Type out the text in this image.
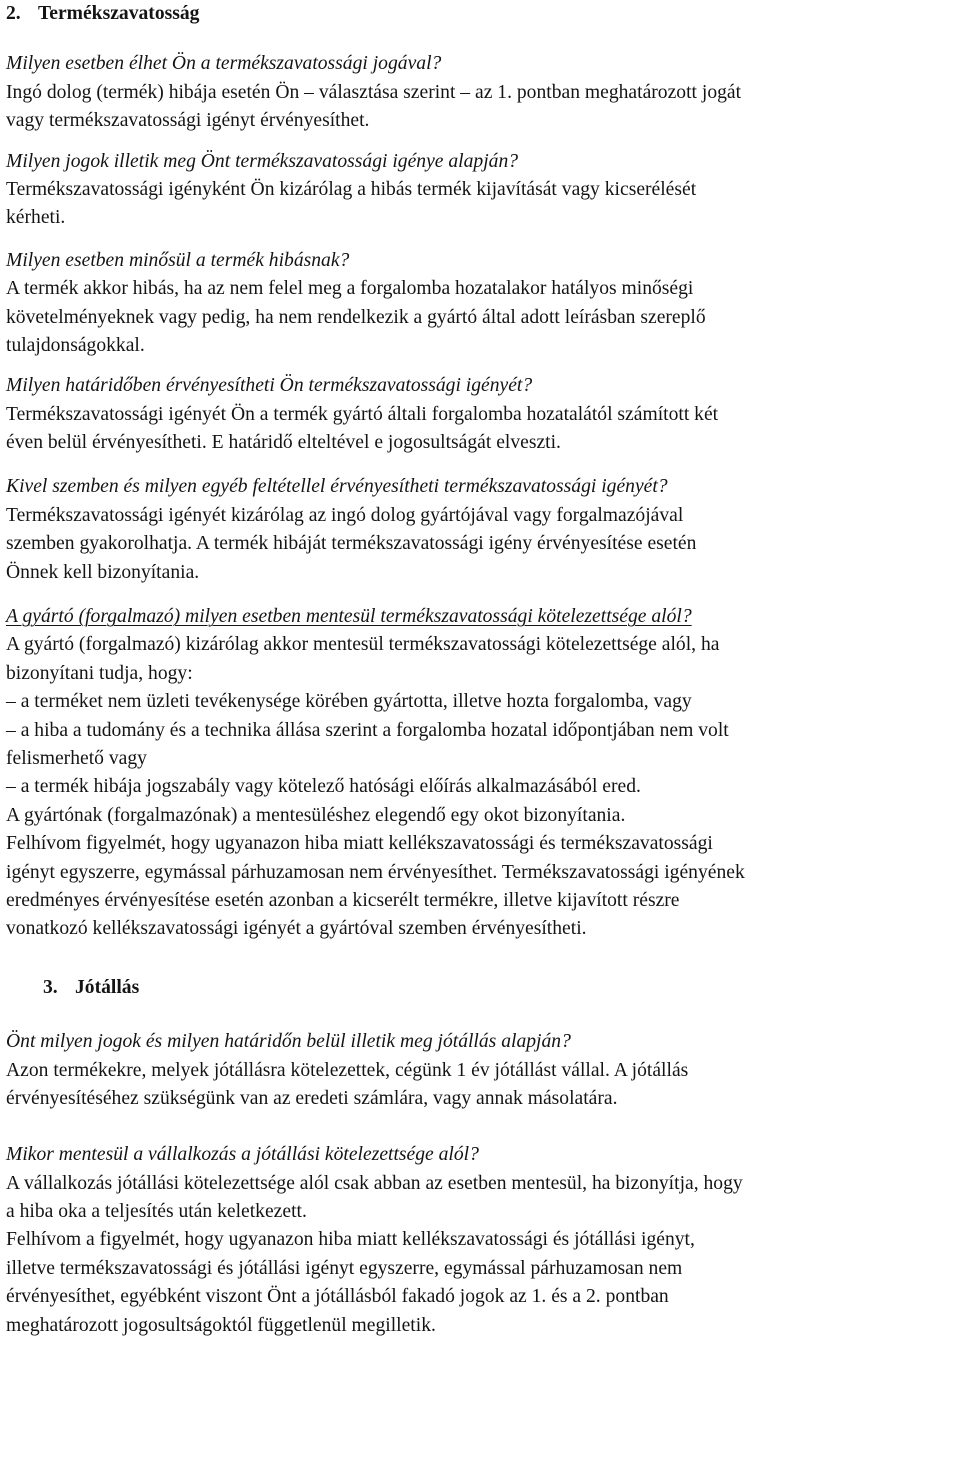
2. Termékszavatosság
Milyen esetben élhet Ön a termékszavatossági jogával?
Ingó dolog (termék) hibája esetén Ön – választása szerint – az 1. pontban meghatározott jogát
vagy termékszavatossági igényt érvényesíthet.
Milyen jogok illetik meg Önt termékszavatossági igénye alapján?
Termékszavatossági igényként Ön kizárólag a hibás termék kijavítását vagy kicserélését
kérheti.
Milyen esetben minősül a termék hibásnak?
A termék akkor hibás, ha az nem felel meg a forgalomba hozatalakor hatályos minőségi
követelményeknek vagy pedig, ha nem rendelkezik a gyártó által adott leírásban szereplő
tulajdonságokkal.
Milyen határidőben érvényesítheti Ön termékszavatossági igényét?
Termékszavatossági igényét Ön a termék gyártó általi forgalomba hozatalától számított két
éven belül érvényesítheti. E határidő elteltével e jogosultságát elveszti.
Kivel szemben és milyen egyéb feltétellel érvényesítheti termékszavatossági igényét?
Termékszavatossági igényét kizárólag az ingó dolog gyártójával vagy forgalmazójával
szemben gyakorolhatja. A termék hibáját termékszavatossági igény érvényesítése esetén
Önnek kell bizonyítania.
A gyártó (forgalmazó) milyen esetben mentesül termékszavatossági kötelezettsége alól?
A gyártó (forgalmazó) kizárólag akkor mentesül termékszavatossági kötelezettsége alól, ha
bizonyítani tudja, hogy:
– a terméket nem üzleti tevékenysége körében gyártotta, illetve hozta forgalomba, vagy
– a hiba a tudomány és a technika állása szerint a forgalomba hozatal időpontjában nem volt
felismerhető vagy
– a termék hibája jogszabály vagy kötelező hatósági előírás alkalmazásából ered.
A gyártónak (forgalmazónak) a mentesüléshez elegendő egy okot bizonyítania.
Felhívom figyelmét, hogy ugyanazon hiba miatt kellékszavatossági és termékszavatossági
igényt egyszerre, egymással párhuzamosan nem érvényesíthet. Termékszavatossági igényének
eredményes érvényesítése esetén azonban a kicserélt termékre, illetve kijavított részre
vonatkozó kellékszavatossági igényét a gyártóval szemben érvényesítheti.
3. Jótállás
Önt milyen jogok és milyen határidőn belül illetik meg jótállás alapján?
Azon termékekre, melyek jótállásra kötelezettek, cégünk 1 év jótállást vállal. A jótállás
érvényesítéséhez szükségünk van az eredeti számlára, vagy annak másolatára.
Mikor mentesül a vállalkozás a jótállási kötelezettsége alól?
A vállalkozás jótállási kötelezettsége alól csak abban az esetben mentesül, ha bizonyítja, hogy
a hiba oka a teljesítés után keletkezett.
Felhívom a figyelmét, hogy ugyanazon hiba miatt kellékszavatossági és jótállási igényt,
illetve termékszavatossági és jótállási igényt egyszerre, egymással párhuzamosan nem
érvényesíthet, egyébként viszont Önt a jótállásból fakadó jogok az 1. és a 2. pontban
meghatározott jogosultságoktól függetlenül megilletik.
